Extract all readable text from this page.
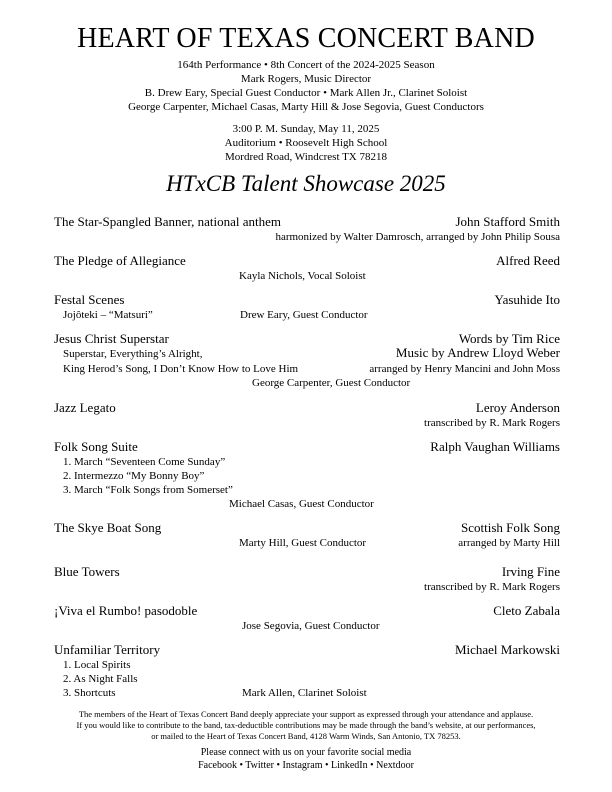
HEART OF TEXAS CONCERT BAND
164th Performance • 8th Concert of the 2024-2025 Season
Mark Rogers, Music Director
B. Drew Eary, Special Guest Conductor • Mark Allen Jr., Clarinet Soloist
George Carpenter, Michael Casas, Marty Hill & Jose Segovia, Guest Conductors
3:00 P. M. Sunday, May 11, 2025
Auditorium • Roosevelt High School
Mordred Road, Windcrest TX 78218
HTxCB Talent Showcase 2025
The Star-Spangled Banner, national anthem	John Stafford Smith
harmonized by Walter Damrosch, arranged by John Philip Sousa
The Pledge of Allegiance	Alfred Reed
Kayla Nichols, Vocal Soloist
Festal Scenes	Yasuhide Ito
Jojôteki – “Matsuri”	Drew Eary, Guest Conductor
Jesus Christ Superstar	Words by Tim Rice
Superstar, Everything’s Alright,	Music by Andrew Lloyd Weber
King Herod’s Song, I Don’t Know How to Love Him	arranged by Henry Mancini and John Moss
George Carpenter, Guest Conductor
Jazz Legato	Leroy Anderson
transcribed by R. Mark Rogers
Folk Song Suite	Ralph Vaughan Williams
1. March “Seventeen Come Sunday”
2. Intermezzo “My Bonny Boy”
3. March “Folk Songs from Somerset”
Michael Casas, Guest Conductor
The Skye Boat Song	Scottish Folk Song
Marty Hill, Guest Conductor	arranged by Marty Hill
Blue Towers	Irving Fine
transcribed by R. Mark Rogers
¡Viva el Rumbo! pasodoble	Cleto Zabala
Jose Segovia, Guest Conductor
Unfamiliar Territory	Michael Markowski
1. Local Spirits
2. As Night Falls
3. Shortcuts	Mark Allen, Clarinet Soloist
The members of the Heart of Texas Concert Band deeply appreciate your support as expressed through your attendance and applause.
If you would like to contribute to the band, tax-deductible contributions may be made through the band’s website, at our performances,
or mailed to the Heart of Texas Concert Band, 4128 Warm Winds, San Antonio, TX 78253.
Please connect with us on your favorite social media
Facebook • Twitter • Instagram • LinkedIn • Nextdoor
